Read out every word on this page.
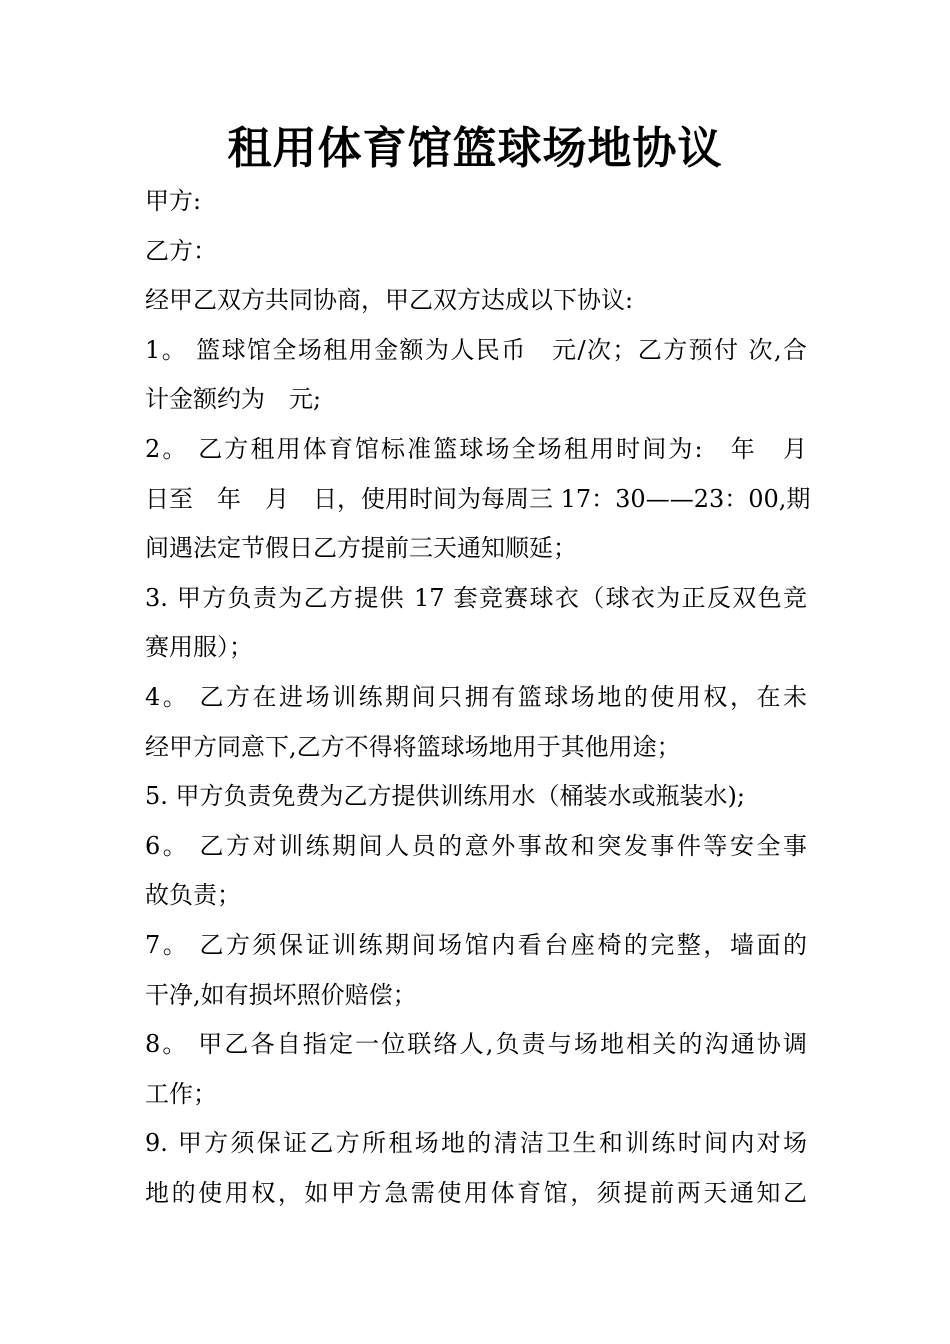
租用体育馆篮球场地协议
甲方:
乙方：
经甲乙双方共同协商，甲乙双方达成以下协议:
1。 篮球馆全场租用金额为人民币　元/次；乙方预付 次,合
计金额约为　元;
2。 乙方租用体育馆标准篮球场全场租用时间为:　年　月
日至　年　月　日，使用时间为每周三 17：30——23：00,期
间遇法定节假日乙方提前三天通知顺延；
3. 甲方负责为乙方提供 17 套竞赛球衣（球衣为正反双色竞
赛用服）；
4。 乙方在进场训练期间只拥有篮球场地的使用权，在未
经甲方同意下,乙方不得将篮球场地用于其他用途；
5. 甲方负责免费为乙方提供训练用水（桶装水或瓶装水);
6。 乙方对训练期间人员的意外事故和突发事件等安全事
故负责；
7。 乙方须保证训练期间场馆内看台座椅的完整，墙面的
干净,如有损坏照价赔偿；
8。 甲乙各自指定一位联络人,负责与场地相关的沟通协调
工作；
9. 甲方须保证乙方所租场地的清洁卫生和训练时间内对场
地的使用权，如甲方急需使用体育馆，须提前两天通知乙
